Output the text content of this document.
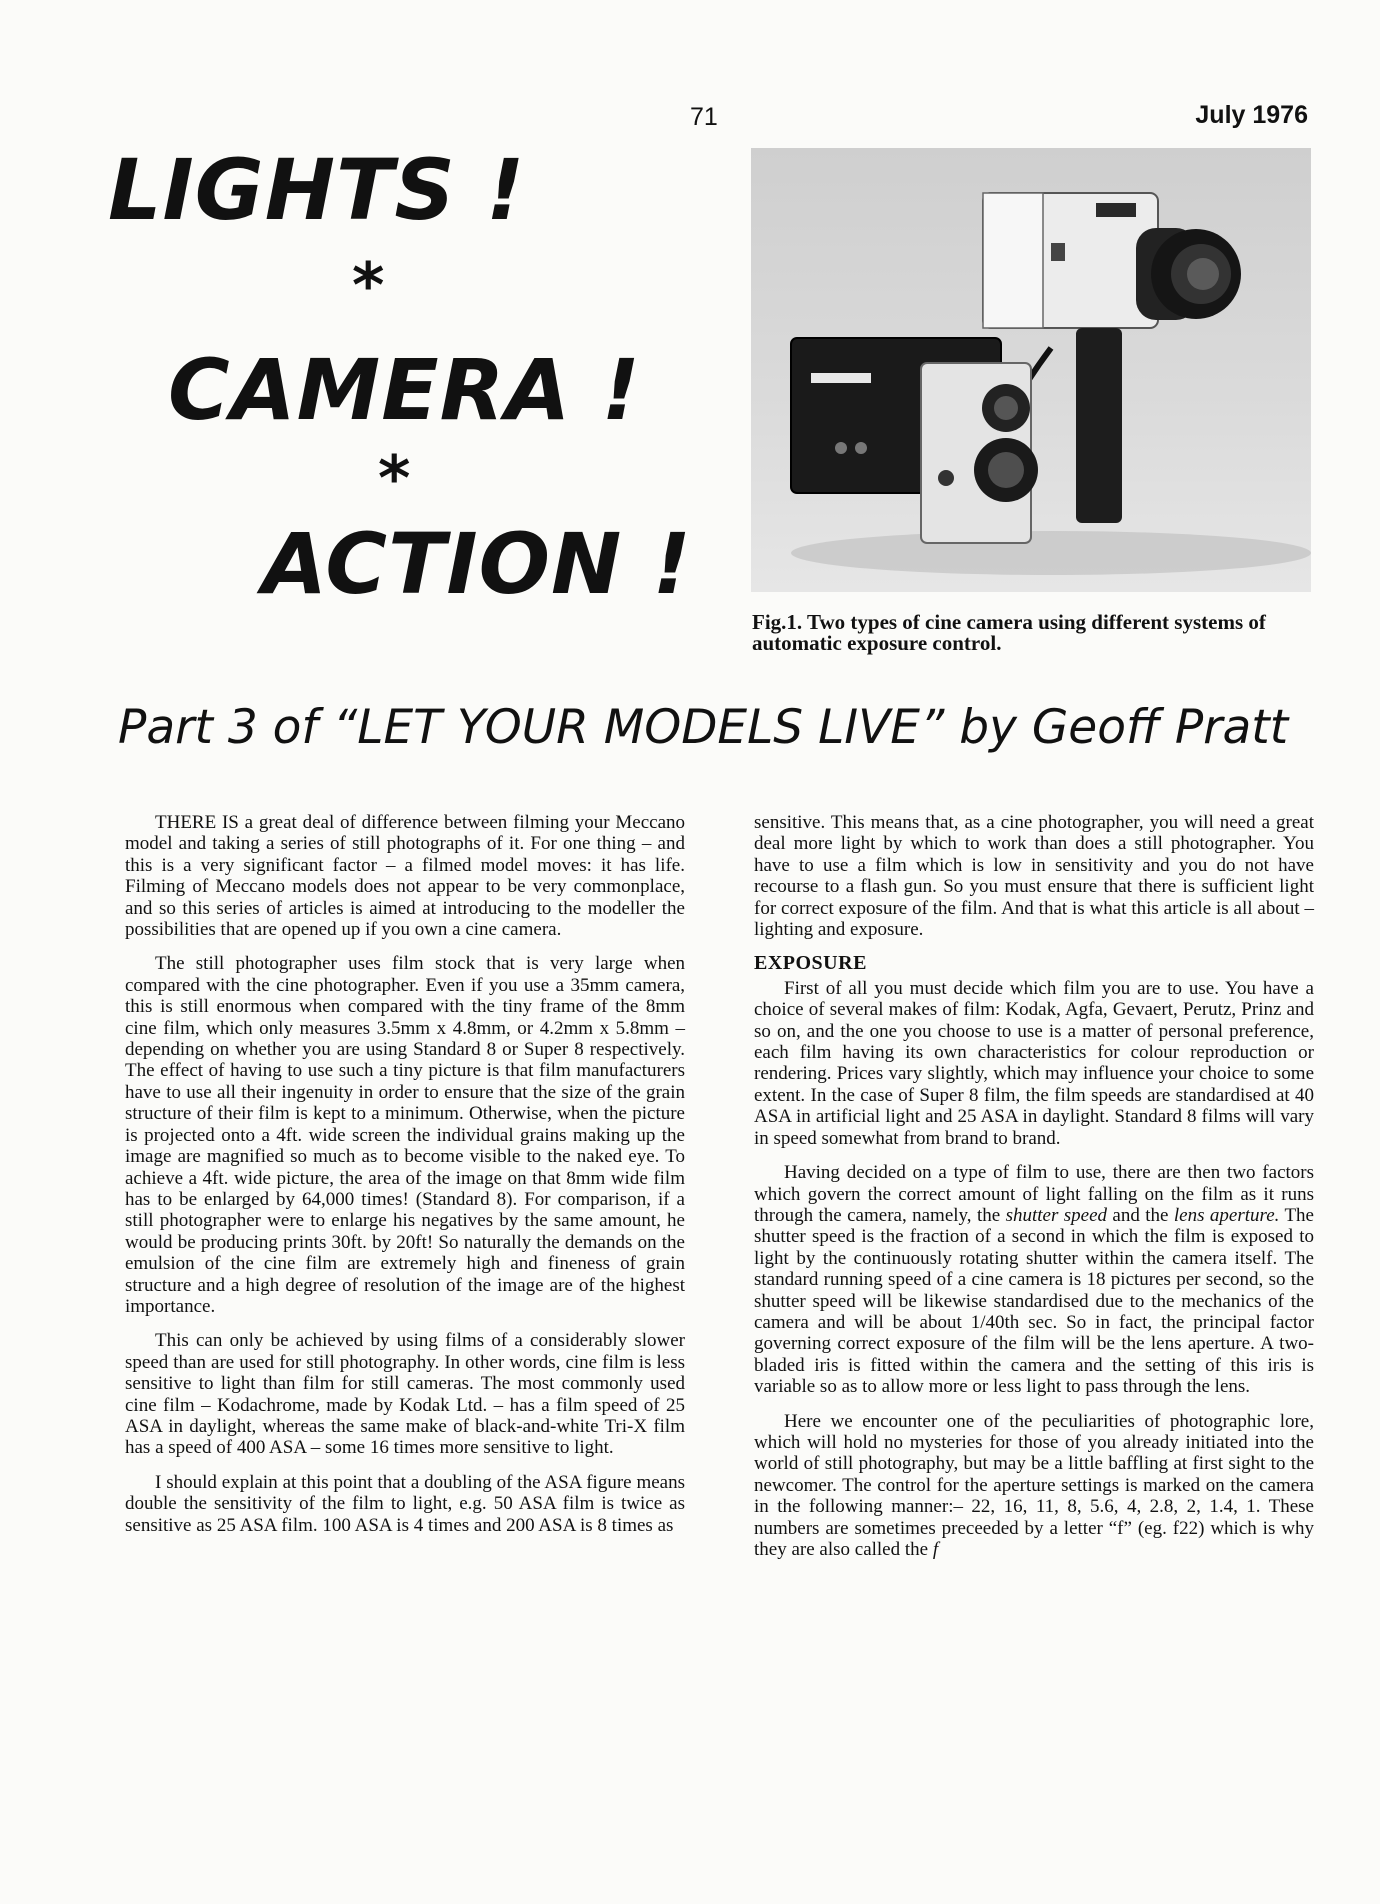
71	July 1976
LIGHTS !
*
CAMERA !
*
ACTION !
Fig.1. Two types of cine camera using different systems of automatic exposure control.
Part 3 of “LET YOUR MODELS LIVE” by Geoff Pratt

THERE IS a great deal of difference between filming your Meccano model and taking a series of still photographs of it. For one thing – and this is a very significant factor – a filmed model moves: it has life. Filming of Meccano models does not appear to be very commonplace, and so this series of articles is aimed at introducing to the modeller the possibilities that are opened up if you own a cine camera.

The still photographer uses film stock that is very large when compared with the cine photographer. Even if you use a 35mm camera, this is still enormous when compared with the tiny frame of the 8mm cine film, which only measures 3.5mm x 4.8mm, or 4.2mm x 5.8mm – depending on whether you are using Standard 8 or Super 8 respectively. The effect of having to use such a tiny picture is that film manufacturers have to use all their ingenuity in order to ensure that the size of the grain structure of their film is kept to a minimum. Otherwise, when the picture is projected onto a 4ft. wide screen the individual grains making up the image are magnified so much as to become visible to the naked eye. To achieve a 4ft. wide picture, the area of the image on that 8mm wide film has to be enlarged by 64,000 times! (Standard 8). For comparison, if a still photographer were to enlarge his negatives by the same amount, he would be producing prints 30ft. by 20ft! So naturally the demands on the emulsion of the cine film are extremely high and fineness of grain structure and a high degree of resolution of the image are of the highest importance.

This can only be achieved by using films of a considerably slower speed than are used for still photography. In other words, cine film is less sensitive to light than film for still cameras. The most commonly used cine film – Kodachrome, made by Kodak Ltd. – has a film speed of 25 ASA in daylight, whereas the same make of black-and-white Tri-X film has a speed of 400 ASA – some 16 times more sensitive to light.

I should explain at this point that a doubling of the ASA figure means double the sensitivity of the film to light, e.g. 50 ASA film is twice as sensitive as 25 ASA film. 100 ASA is 4 times and 200 ASA is 8 times as

sensitive. This means that, as a cine photographer, you will need a great deal more light by which to work than does a still photographer. You have to use a film which is low in sensitivity and you do not have recourse to a flash gun. So you must ensure that there is sufficient light for correct exposure of the film. And that is what this article is all about – lighting and exposure.

EXPOSURE

First of all you must decide which film you are to use. You have a choice of several makes of film: Kodak, Agfa, Gevaert, Perutz, Prinz and so on, and the one you choose to use is a matter of personal preference, each film having its own characteristics for colour reproduction or rendering. Prices vary slightly, which may influence your choice to some extent. In the case of Super 8 film, the film speeds are standardised at 40 ASA in artificial light and 25 ASA in daylight. Standard 8 films will vary in speed somewhat from brand to brand.

Having decided on a type of film to use, there are then two factors which govern the correct amount of light falling on the film as it runs through the camera, namely, the shutter speed and the lens aperture. The shutter speed is the fraction of a second in which the film is exposed to light by the continuously rotating shutter within the camera itself. The standard running speed of a cine camera is 18 pictures per second, so the shutter speed will be likewise standardised due to the mechanics of the camera and will be about 1/40th sec. So in fact, the principal factor governing correct exposure of the film will be the lens aperture. A two-bladed iris is fitted within the camera and the setting of this iris is variable so as to allow more or less light to pass through the lens.

Here we encounter one of the peculiarities of photographic lore, which will hold no mysteries for those of you already initiated into the world of still photography, but may be a little baffling at first sight to the newcomer. The control for the aperture settings is marked on the camera in the following manner:– 22, 16, 11, 8, 5.6, 4, 2.8, 2, 1.4, 1. These numbers are sometimes preceeded by a letter “f” (eg. f22) which is why they are also called the f
